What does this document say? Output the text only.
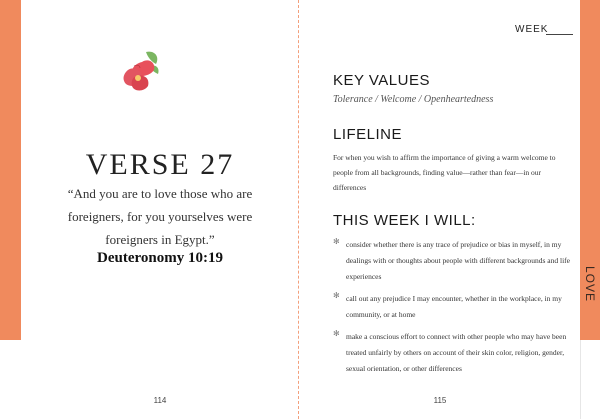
LOVE
VERSE 27
“And you are to love those who are foreigners, for you yourselves were foreigners in Egypt.”
Deuteronomy 10:19
114
WEEK
KEY VALUES
Tolerance / Welcome / Openheartedness
LIFELINE
For when you wish to affirm the importance of giving a warm welcome to people from all backgrounds, finding value—rather than fear—in our differences
THIS WEEK I WILL:
✻ consider whether there is any trace of prejudice or bias in myself, in my dealings with or thoughts about people with different backgrounds and life experiences
✻ call out any prejudice I may encounter, whether in the workplace, in my community, or at home
✻ make a conscious effort to connect with other people who may have been treated unfairly by others on account of their skin color, religion, gender, sexual orientation, or other differences
115
